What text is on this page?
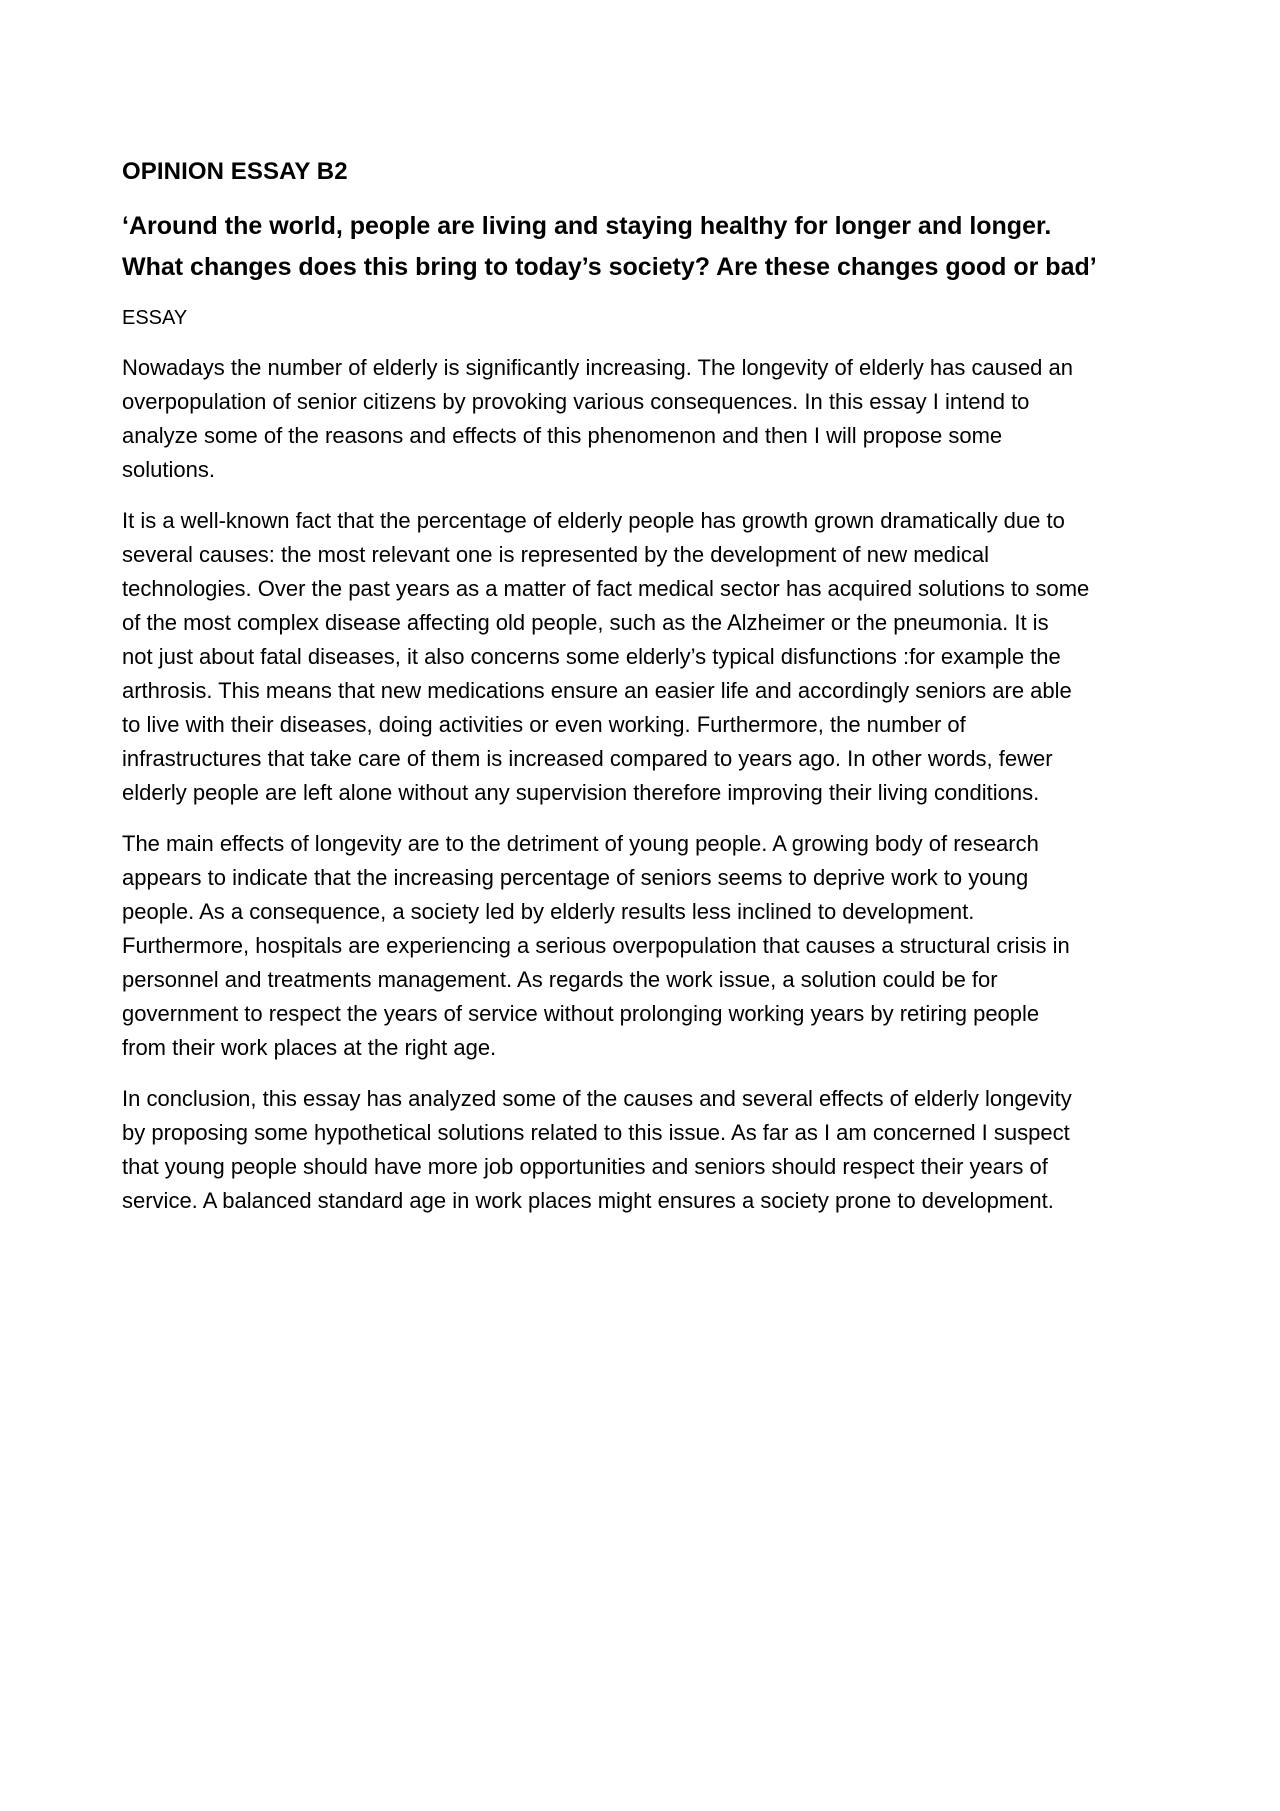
OPINION ESSAY B2
‘Around the world, people are living and staying healthy for longer and longer.
What changes does this bring to today’s society? Are these changes good or bad’
ESSAY
Nowadays the number of elderly is significantly increasing. The longevity of elderly has caused an
overpopulation of senior citizens by provoking various consequences. In this essay I intend to
analyze some of the reasons and effects of this phenomenon and then I will propose some
solutions.
It is a well-known fact that the percentage of elderly people has growth grown dramatically due to
several causes: the most relevant one is represented by the development of new medical
technologies. Over the past years as a matter of fact medical sector has acquired solutions to some
of the most complex disease affecting old people, such as the Alzheimer or the pneumonia. It is
not just about fatal diseases, it also concerns some elderly’s typical disfunctions :for example the
arthrosis. This means that new medications ensure an easier life and accordingly seniors are able
to live with their diseases, doing activities or even working. Furthermore, the number of
infrastructures that take care of them is increased compared to years ago. In other words, fewer
elderly people are left alone without any supervision therefore improving their living conditions.
The main effects of longevity are to the detriment of young people. A growing body of research
appears to indicate that the increasing percentage of seniors seems to deprive work to young
people. As a consequence, a society led by elderly results less inclined to development.
Furthermore, hospitals are experiencing a serious overpopulation that causes a structural crisis in
personnel and treatments management. As regards the work issue, a solution could be for
government to respect the years of service without prolonging working years by retiring people
from their work places at the right age.
In conclusion, this essay has analyzed some of the causes and several effects of elderly longevity
by proposing some hypothetical solutions related to this issue. As far as I am concerned I suspect
that young people should have more job opportunities and seniors should respect their years of
service. A balanced standard age in work places might ensures a society prone to development.
